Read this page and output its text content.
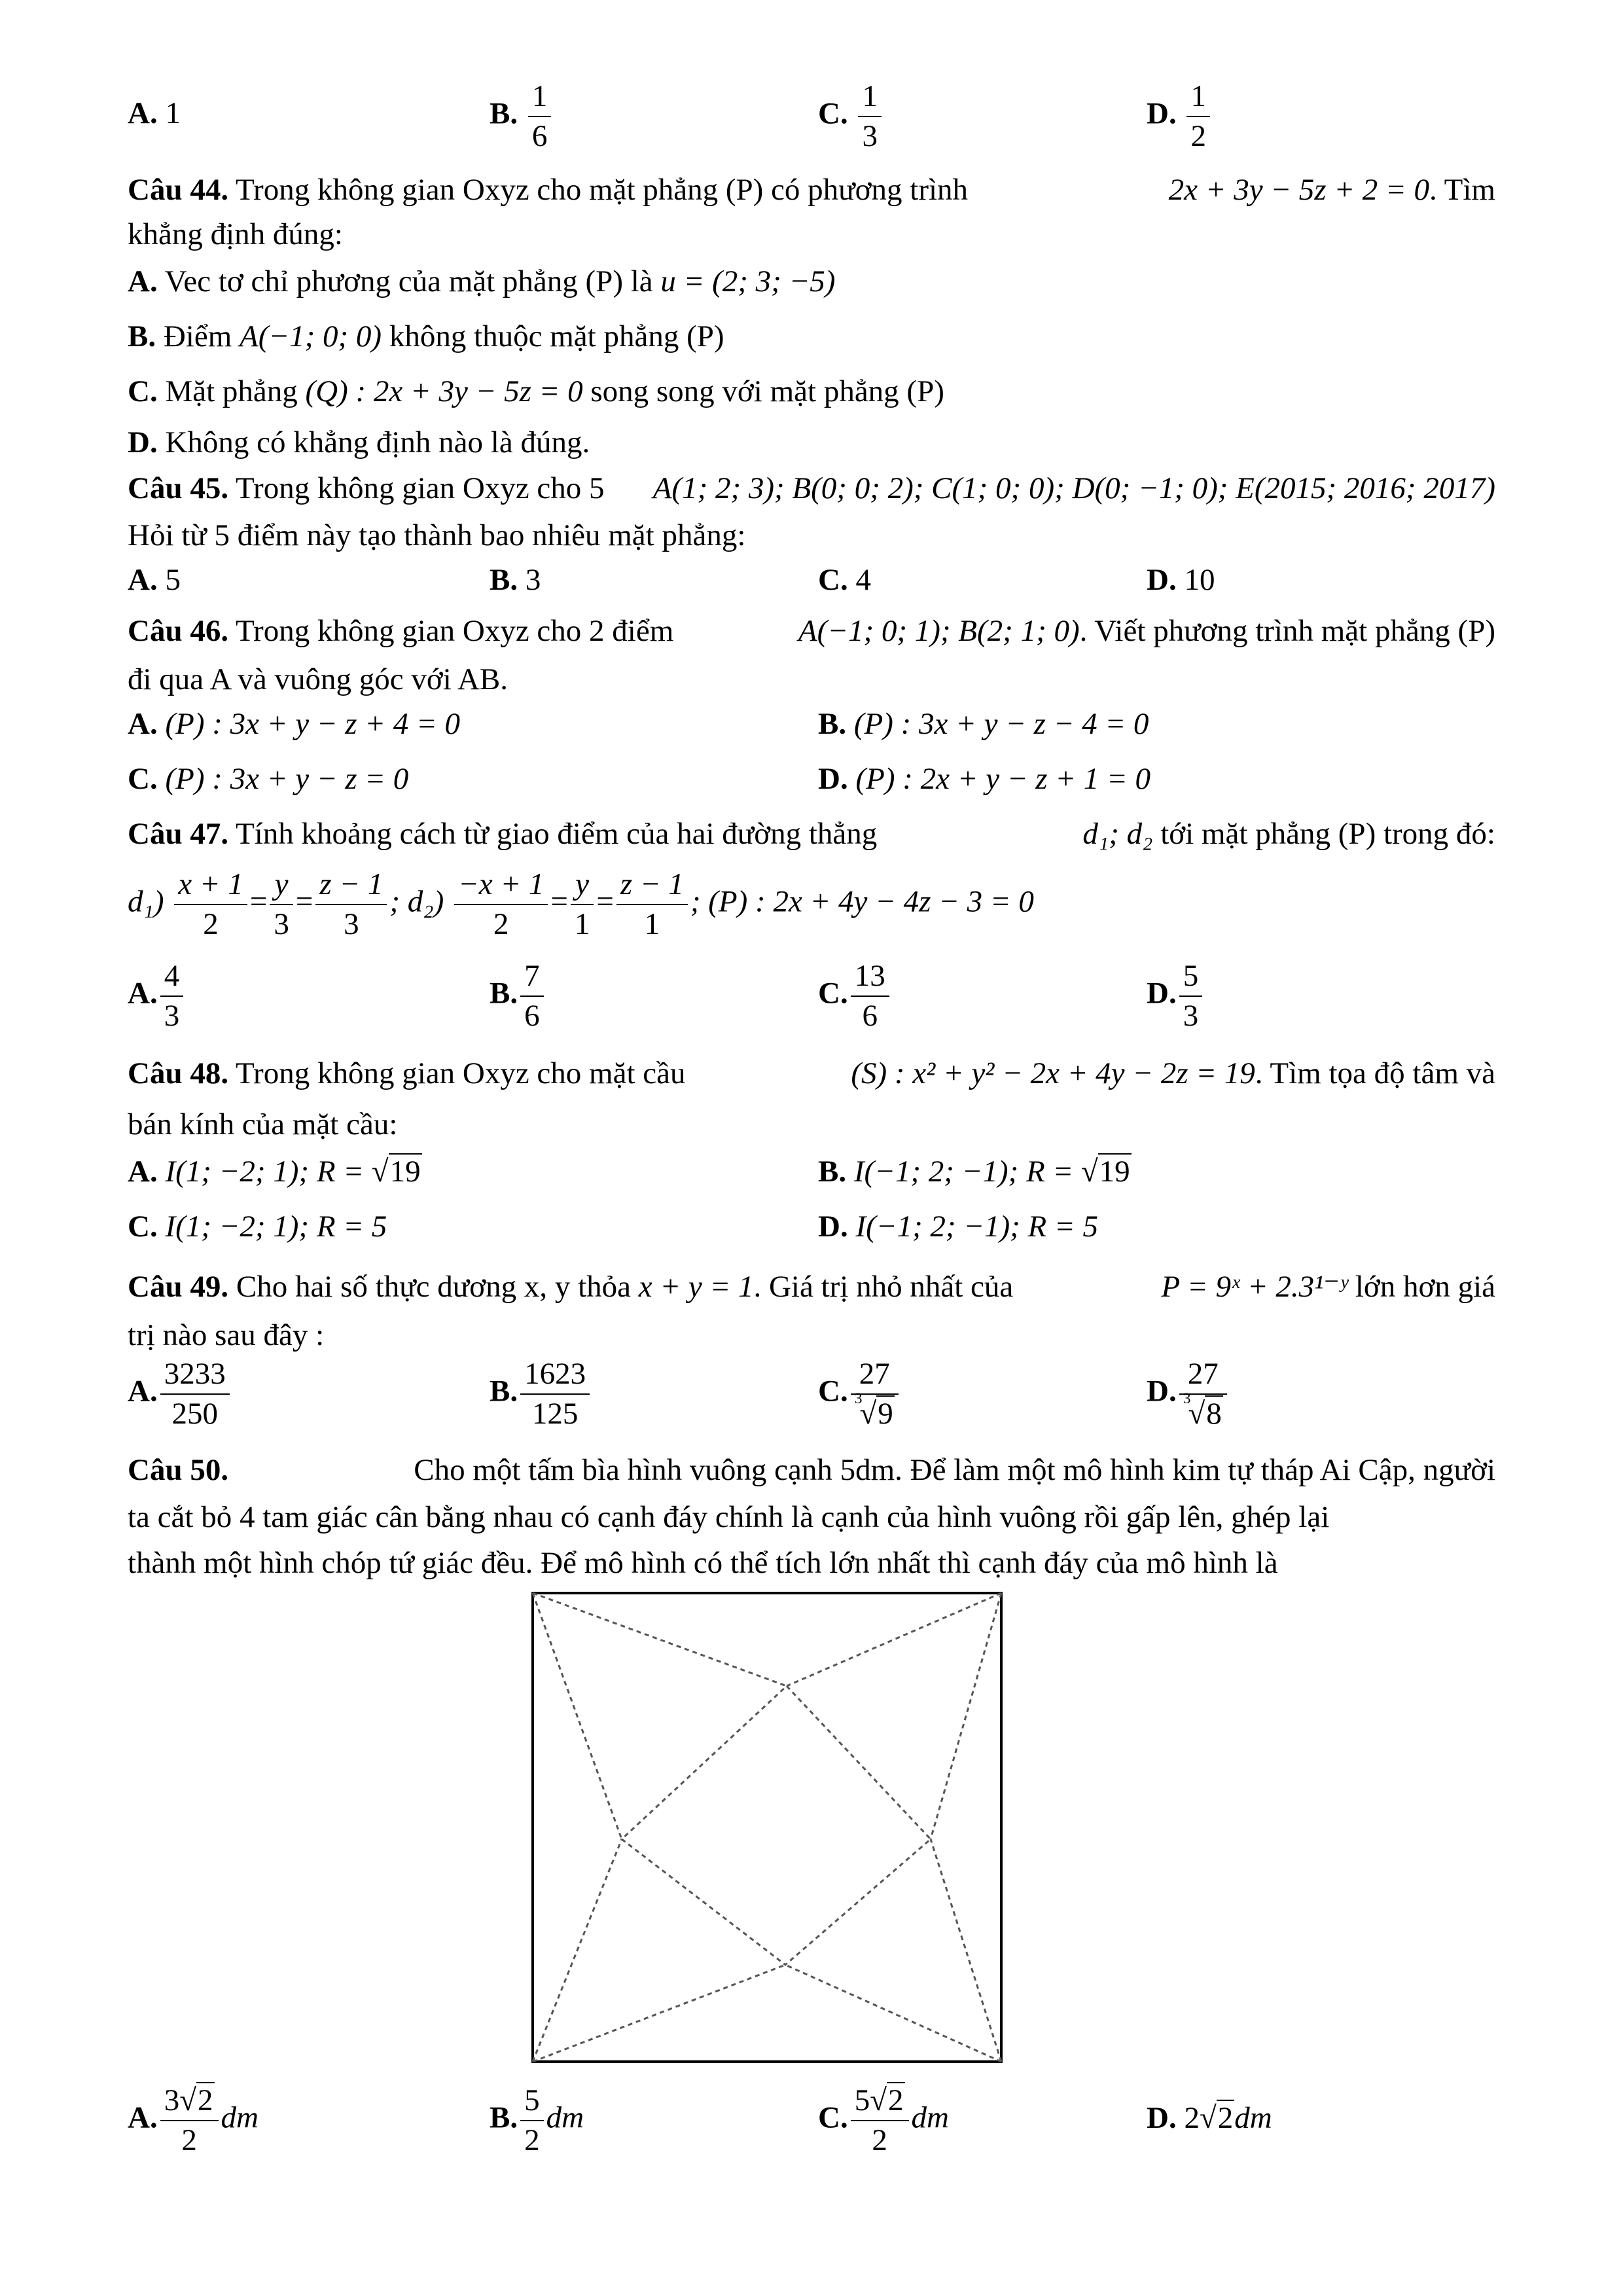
A. 1	B. $\frac{1}{6}$	C. $\frac{1}{3}$	D. $\frac{1}{2}$
Câu 44. Trong không gian Oxyz cho mặt phẳng (P) có phương trình	2x + 3y − 5z + 2 = 0. Tìm
khẳng định đúng:
A. Vec tơ chỉ phương của mặt phẳng (P) là u = (2; 3; −5)
B. Điểm A(−1; 0; 0) không thuộc mặt phẳng (P)
C. Mặt phẳng (Q) : 2x + 3y − 5z = 0 song song với mặt phẳng (P)
D. Không có khẳng định nào là đúng.
Câu 45. Trong không gian Oxyz cho 5 A(1; 2; 3); B(0; 0; 2); C(1; 0; 0); D(0; −1; 0); E(2015; 2016; 2017)
Hỏi từ 5 điểm này tạo thành bao nhiêu mặt phẳng:
A. 5	B. 3	C. 4	D. 10
Câu 46. Trong không gian Oxyz cho 2 điểm	A(−1; 0; 1); B(2; 1; 0). Viết phương trình mặt phẳng (P)
đi qua A và vuông góc với AB.
A. (P) : 3x + y − z + 4 = 0	B. (P) : 3x + y − z − 4 = 0
C. (P) : 3x + y − z = 0	D. (P) : 2x + y − z + 1 = 0
Câu 47. Tính khoảng cách từ giao điểm của hai đường thẳng	d₁; d₂ tới mặt phẳng (P) trong đó:
$d_1) \frac{x + 1}{2} = \frac{y}{3} = \frac{z - 1}{3}$ ; $d_2) \frac{-x + 1}{2} = \frac{y}{1} = \frac{z - 1}{1}$ ; (P) : 2x + 4y − 4z − 3 = 0
A. $\frac{4}{3}$	B. $\frac{7}{6}$	C. $\frac{13}{6}$	D. $\frac{5}{3}$
Câu 48. Trong không gian Oxyz cho mặt cầu	(S) : x² + y² − 2x + 4y − 2z = 19. Tìm tọa độ tâm và
bán kính của mặt cầu:
A. I(1; −2; 1); R = √19	B. I(−1; 2; −1); R = √19
C. I(1; −2; 1); R = 5	D. I(−1; 2; −1); R = 5
Câu 49. Cho hai số thực dương x, y thỏa x + y = 1. Giá trị nhỏ nhất của	P = 9ˣ + 2.3¹⁻ʸ lớn hơn giá
trị nào sau đây :
A. $\frac{3233}{250}$	B. $\frac{1623}{125}$	C. $\frac{27}{^3√9}$	D. $\frac{27}{^3√8}$
Câu 50.	Cho một tấm bìa hình vuông cạnh 5dm. Để làm một mô hình kim tự tháp Ai Cập, người
ta cắt bỏ 4 tam giác cân bằng nhau có cạnh đáy chính là cạnh của hình vuông rồi gấp lên, ghép lại
thành một hình chóp tứ giác đều. Để mô hình có thể tích lớn nhất thì cạnh đáy của mô hình là
A. $\frac{3√2}{2}$ dm	B. $\frac{5}{2}$ dm	C. $\frac{5√2}{2}$ dm	D. 2√2dm
